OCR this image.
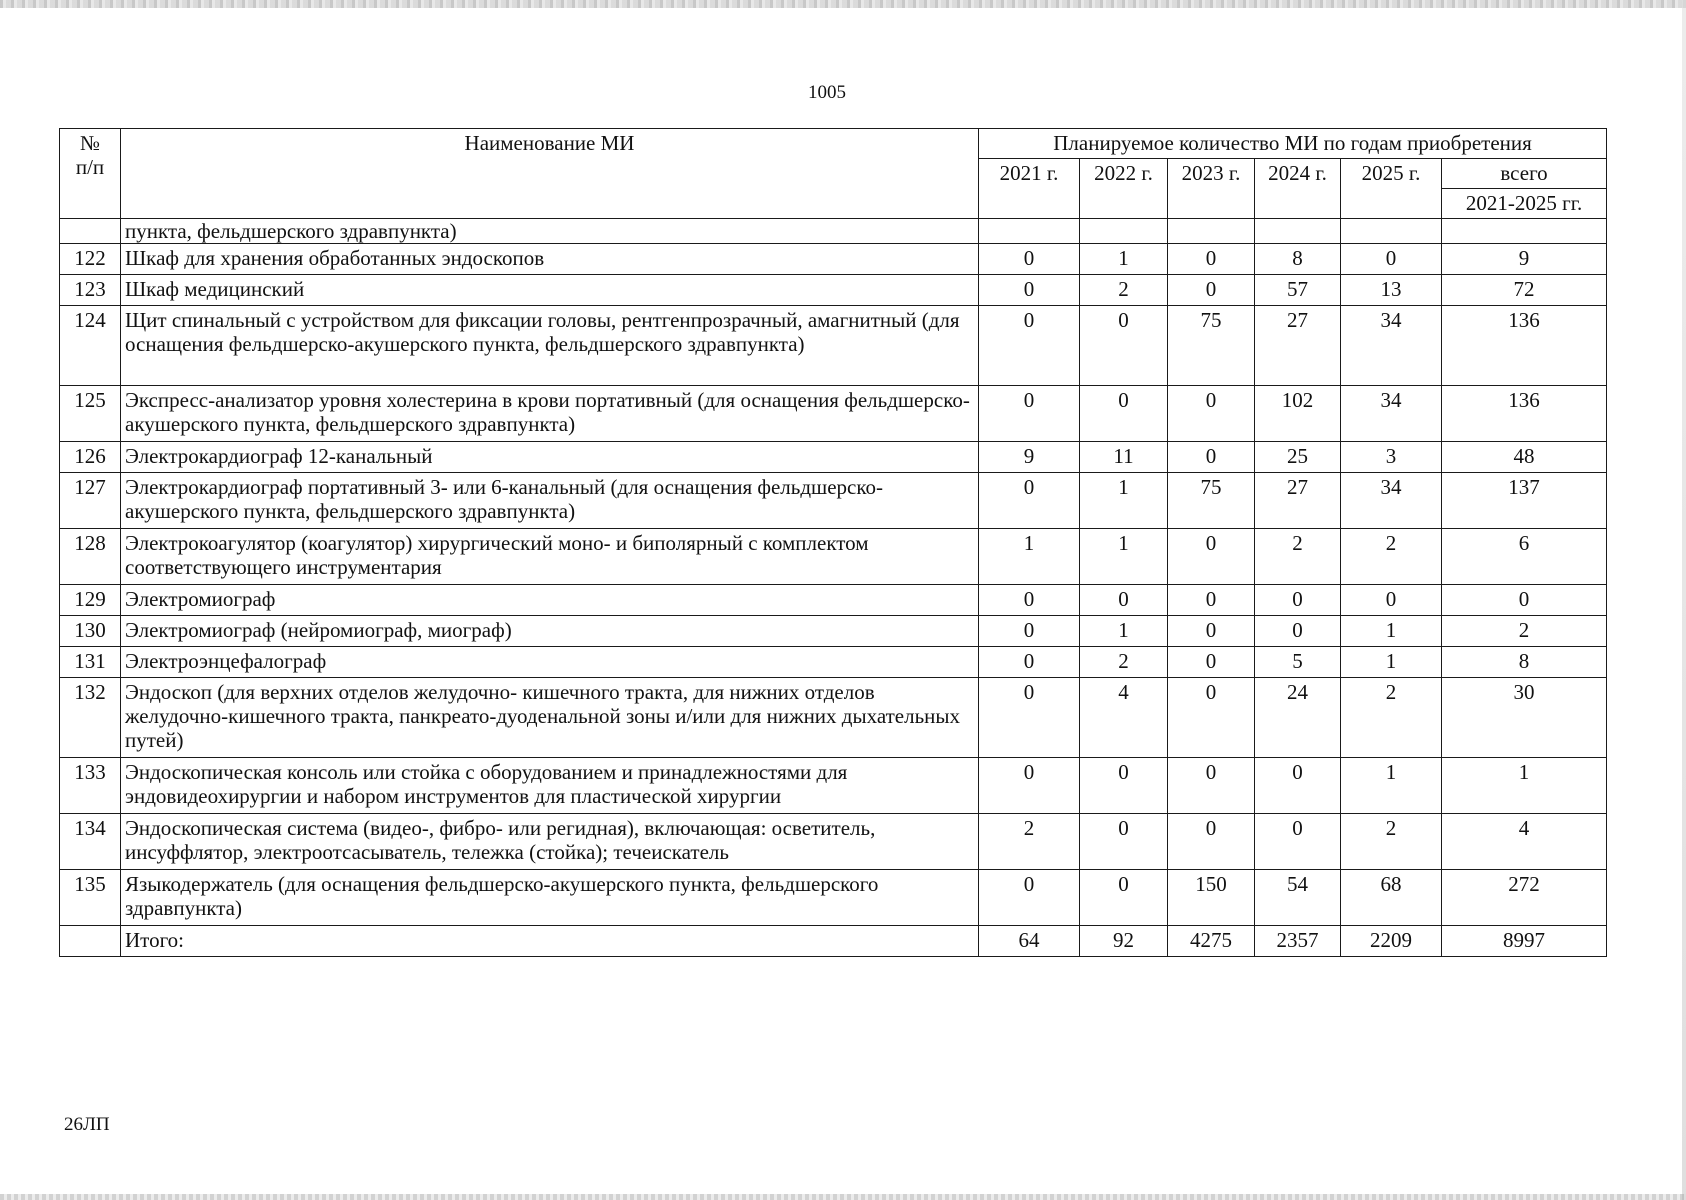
1005
№
п/п	Наименование МИ	Планируемое количество МИ по годам приобретения					
		2021 г.	2022 г.	2023 г.	2024 г.	2025 г.	всего
							2021-2025 гг.
	пункта, фельдшерского здравпункта)						
122	Шкаф для хранения обработанных эндоскопов	0	1	0	8	0	9
123	Шкаф медицинский	0	2	0	57	13	72
124	Щит спинальный с устройством для фиксации головы, рентгенпрозрачный, амагнитный (для оснащения фельдшерско-акушерского пункта, фельдшерского здравпункта)	0	0	75	27	34	136
125	Экспресс-анализатор уровня холестерина в крови портативный (для оснащения фельдшерско-акушерского пункта, фельдшерского здравпункта)	0	0	0	102	34	136
126	Электрокардиограф 12-канальный	9	11	0	25	3	48
127	Электрокардиограф портативный 3- или 6-канальный (для оснащения фельдшерско-акушерского пункта, фельдшерского здравпункта)	0	1	75	27	34	137
128	Электрокоагулятор (коагулятор) хирургический моно- и биполярный с комплектом соответствующего инструментария	1	1	0	2	2	6
129	Электромиограф	0	0	0	0	0	0
130	Электромиограф (нейромиограф, миограф)	0	1	0	0	1	2
131	Электроэнцефалограф	0	2	0	5	1	8
132	Эндоскоп (для верхних отделов желудочно- кишечного тракта, для нижних отделов желудочно-кишечного тракта, панкреато-дуоденальной зоны и/или для нижних дыхательных путей)	0	4	0	24	2	30
133	Эндоскопическая консоль или стойка с оборудованием и принадлежностями для эндовидеохирургии и набором инструментов для пластической хирургии	0	0	0	0	1	1
134	Эндоскопическая система (видео-, фибро- или регидная), включающая: осветитель, инсуффлятор, электроотсасыватель, тележка (стойка); течеискатель	2	0	0	0	2	4
135	Языкодержатель (для оснащения фельдшерско-акушерского пункта, фельдшерского здравпункта)	0	0	150	54	68	272
	Итого:	64	92	4275	2357	2209	8997
26ЛП
